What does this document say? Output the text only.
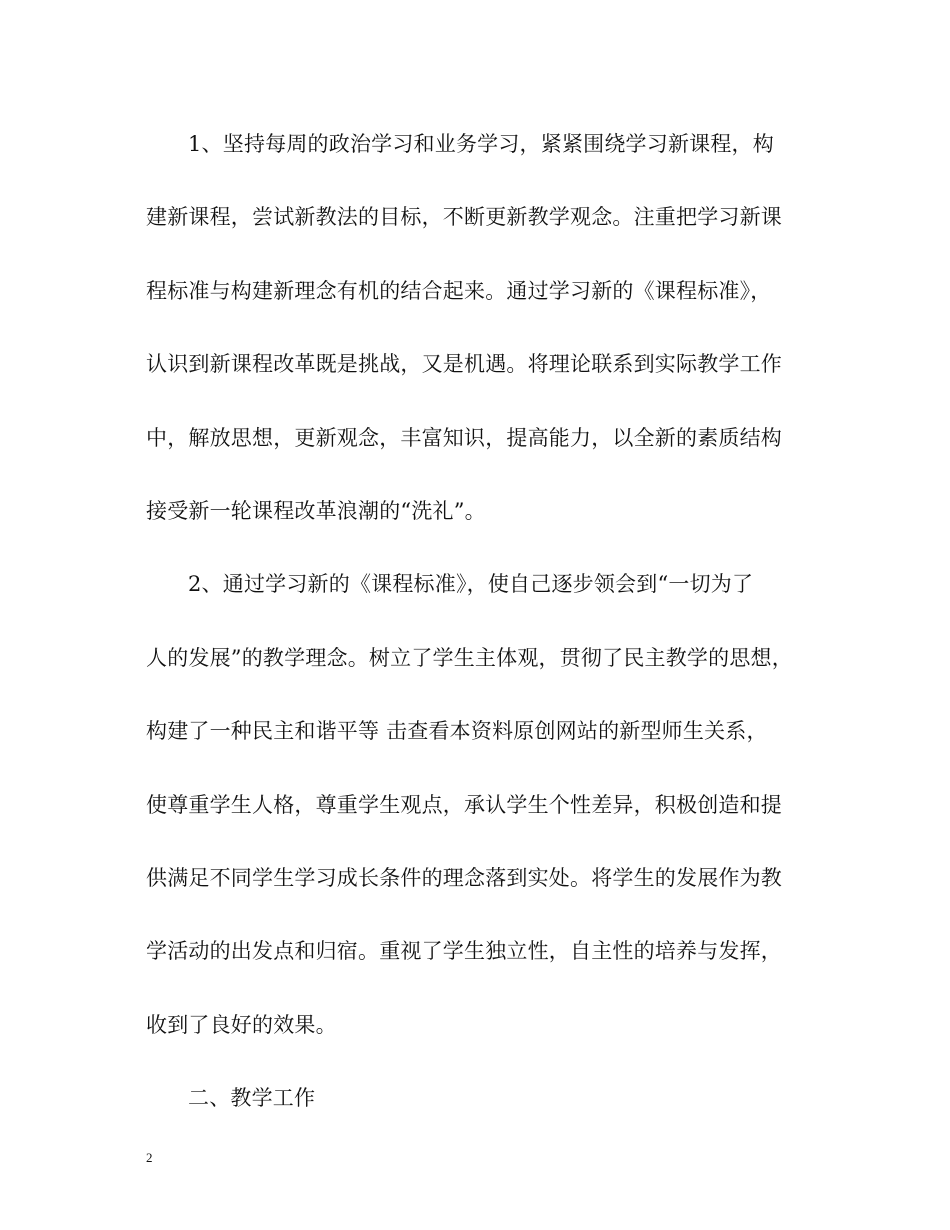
1、坚持每周的政治学习和业务学习，紧紧围绕学习新课程，构
建新课程，尝试新教法的目标，不断更新教学观念。注重把学习新课
程标准与构建新理念有机的结合起来。通过学习新的《课程标准》，
认识到新课程改革既是挑战，又是机遇。将理论联系到实际教学工作
中，解放思想，更新观念，丰富知识，提高能力，以全新的素质结构
接受新一轮课程改革浪潮的“洗礼”。
2、通过学习新的《课程标准》，使自己逐步领会到“一切为了
人的发展”的教学理念。树立了学生主体观，贯彻了民主教学的思想，
构建了一种民主和谐平等 击查看本资料原创网站的新型师生关系，
使尊重学生人格，尊重学生观点，承认学生个性差异，积极创造和提
供满足不同学生学习成长条件的理念落到实处。将学生的发展作为教
学活动的出发点和归宿。重视了学生独立性，自主性的培养与发挥，
收到了良好的效果。
二、教学工作
2
